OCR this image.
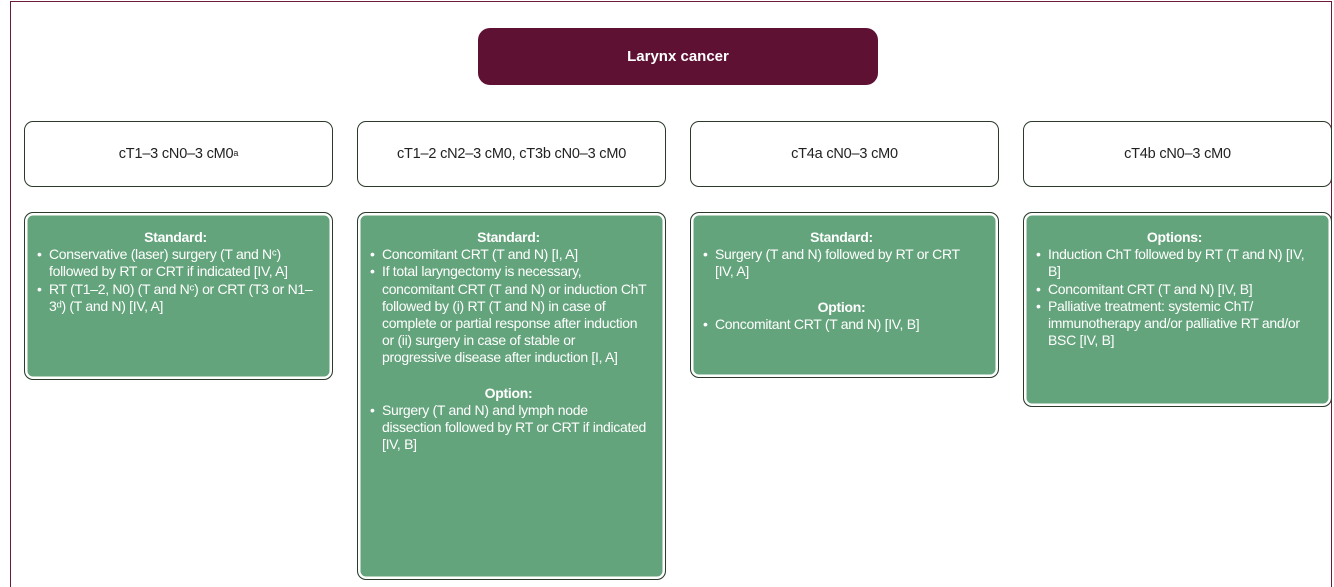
Larynx cancer
cT1–3 cN0–3 cM0$^a$	cT1–2 cN2–3 cM0, cT3b cN0–3 cM0	cT4a cN0–3 cM0	cT4b cN0–3 cM0
Standard:
• Conservative (laser) surgery (T and Nᶜ) followed by RT or CRT if indicated [IV, A]
• RT (T1–2, N0) (T and Nᶜ) or CRT (T3 or N1–3ᵈ) (T and N) [IV, A]
Standard:
• Concomitant CRT (T and N) [I, A]
• If total laryngectomy is necessary, concomitant CRT (T and N) or induction ChT followed by (i) RT (T and N) in case of complete or partial response after induction or (ii) surgery in case of stable or progressive disease after induction [I, A]
Option:
• Surgery (T and N) and lymph node dissection followed by RT or CRT if indicated [IV, B]
Standard:
• Surgery (T and N) followed by RT or CRT [IV, A]
Option:
• Concomitant CRT (T and N) [IV, B]
Options:
• Induction ChT followed by RT (T and N) [IV, B]
• Concomitant CRT (T and N) [IV, B]
• Palliative treatment: systemic ChT/ immunotherapy and/or palliative RT and/or BSC [IV, B]
